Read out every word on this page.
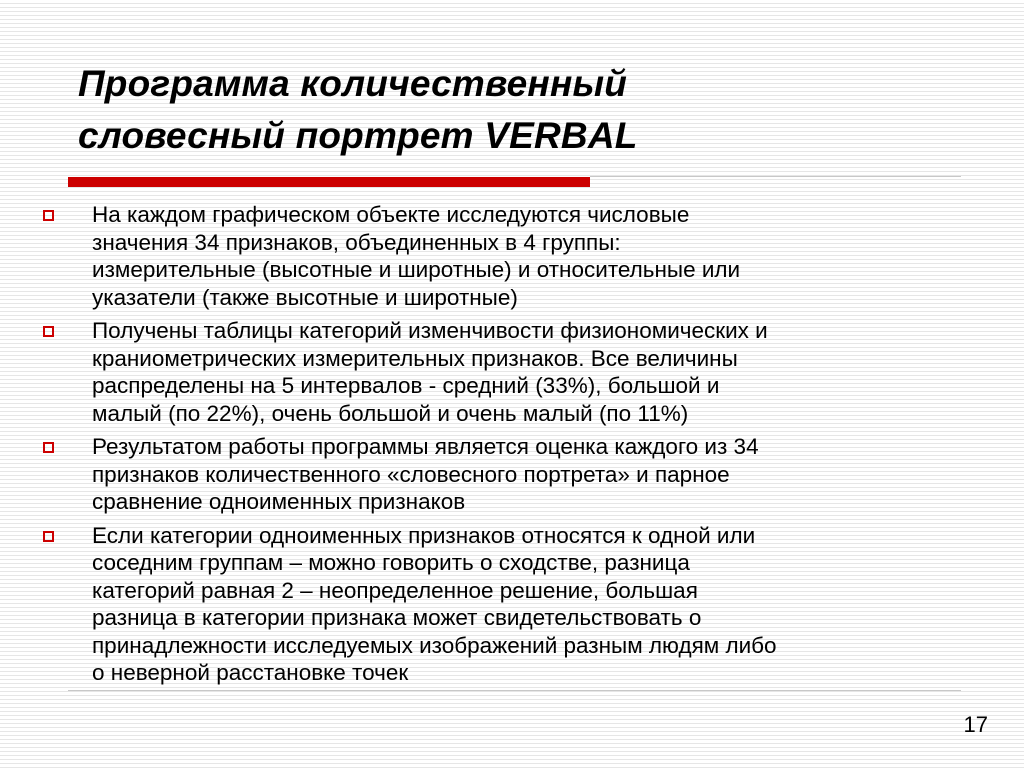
Программа количественный
словесный портрет VERBAL
На каждом графическом объекте исследуются числовые
значения 34 признаков, объединенных в 4 группы:
измерительные (высотные и широтные) и относительные или
указатели (также высотные и широтные)
Получены таблицы категорий изменчивости физиономических и
краниометрических измерительных признаков. Все величины
распределены на 5 интервалов - средний (33%), большой и
малый (по 22%), очень большой и очень малый (по 11%)
Результатом работы программы является оценка каждого из 34
признаков количественного «словесного портрета» и парное
сравнение одноименных признаков
Если категории одноименных признаков относятся к одной или
соседним группам – можно говорить о сходстве, разница
категорий равная 2 – неопределенное решение, большая
разница в категории признака может свидетельствовать о
принадлежности исследуемых изображений разным людям либо
о неверной расстановке точек
17
